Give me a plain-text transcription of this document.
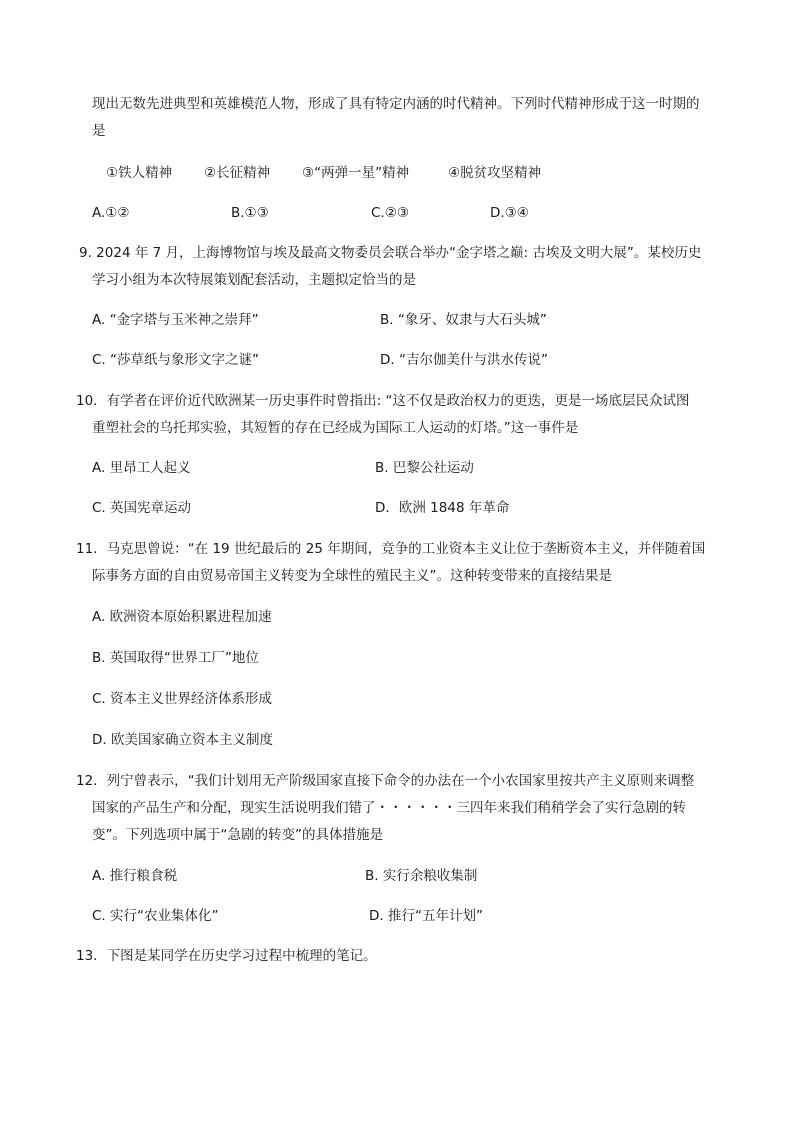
现出无数先进典型和英雄模范人物，形成了具有特定内涵的时代精神。下列时代精神形成于这一时期的
是
①铁人精神 ②长征精神 ③“两弹一星”精神	④脱贫攻坚精神
A.①②	B.①③	C.②③	D.③④
9. 2024 年 7 月，上海博物馆与埃及最高文物委员会联合举办“金字塔之巅: 古埃及文明大展”。某校历史
学习小组为本次特展策划配套活动，主题拟定恰当的是
A. “金字塔与玉米神之崇拜”	B. “象牙、奴隶与大石头城”
C. “莎草纸与象形文字之谜”	D. “吉尔伽美什与洪水传说”
10．有学者在评价近代欧洲某一历史事件时曾指出: “这不仅是政治权力的更迭，更是一场底层民众试图
重塑社会的乌托邦实验，其短暂的存在已经成为国际工人运动的灯塔。”这一事件是
A. 里昂工人起义	B. 巴黎公社运动
C. 英国宪章运动	D．欧洲 1848 年革命
11．马克思曾说：“在 19 世纪最后的 25 年期间，竞争的工业资本主义让位于垄断资本主义，并伴随着国
际事务方面的自由贸易帝国主义转变为全球性的殖民主义”。这种转变带来的直接结果是
A. 欧洲资本原始积累进程加速
B. 英国取得“世界工厂”地位
C. 资本主义世界经济体系形成
D. 欧美国家确立资本主义制度
12．列宁曾表示，“我们计划用无产阶级国家直接下命令的办法在一个小农国家里按共产主义原则来调整
国家的产品生产和分配，现实生活说明我们错了・・・・・・三四年来我们稍稍学会了实行急剧的转
变”。下列选项中属于“急剧的转变”的具体措施是
A. 推行粮食税	B. 实行余粮收集制
C. 实行“农业集体化”	D. 推行“五年计划”
13．下图是某同学在历史学习过程中梳理的笔记。
